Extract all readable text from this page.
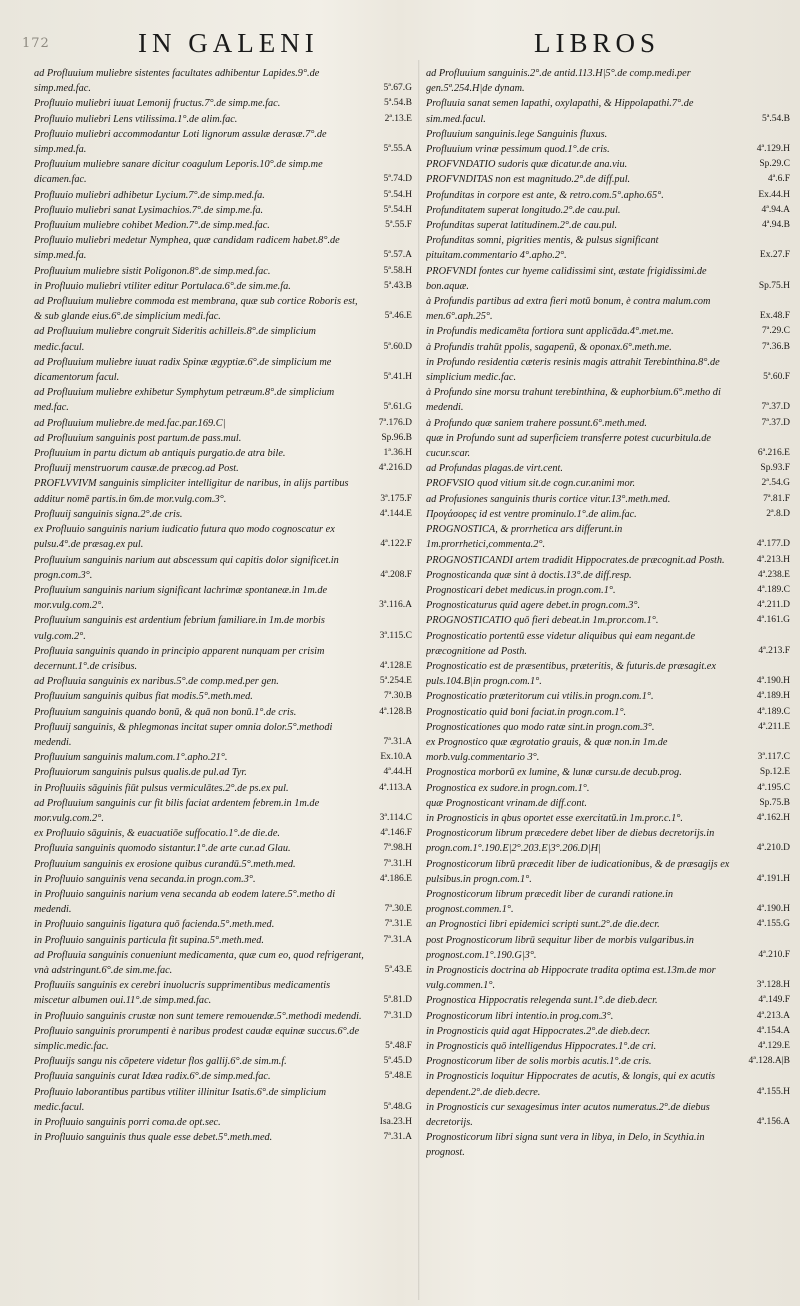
172	IN GALENI	LIBROS
ad Profluuium muliebre sistentes facultates adhibentur Lapides.9°.de simp.med.fac.	5ª.67.G
Profluuio muliebri iuuat Lemonij fructus.7°.de simp.me.fac.	5ª.54.B
Profluuio muliebri Lens vtilissima.1°.de alim.fac.	2ª.13.E
Profluuio muliebri accommodantur Loti lignorum assulæ derasæ.7°.de simp.med.fa.	5ª.55.A
Profluuium muliebre sanare dicitur coagulum Leporis.10°.de simp.me dicamen.fac.	5ª.74.D
Profluuio muliebri adhibetur Lycium.7°.de simp.med.fa.	5ª.54.H
Profluuio muliebri sanat Lysimachios.7°.de simp.me.fa.	5ª.54.H
Profluuium muliebre cohibet Medion.7°.de simp.med.fac.	5ª.55.F
Profluuio muliebri medetur Nymphea, quæ candidam radicem habet.8°.de simp.med.fa.	5ª.57.A
Profluuium muliebre sistit Poligonon.8°.de simp.med.fac.	5ª.58.H
in Profluuio muliebri vtiliter editur Portulaca.6°.de sim.me.fa.	5ª.43.B
ad Profluuium muliebre commoda est membrana, quæ sub cortice Roboris est, & sub glande eius.6°.de simplicium medi.fac.	5ª.46.E
ad Profluuium muliebre congruit Sideritis achilleis.8°.de simplicium medic.facul.	5ª.60.D
ad Profluuium muliebre iuuat radix Spinæ ægyptiæ.6°.de simplicium me dicamentorum facul.	5ª.41.H
ad Profluuium muliebre exhibetur Symphytum petræum.8°.de simplicium med.fac.	5ª.61.G
ad Profluuium muliebre.de med.fac.par.169.C|	7ª.176.D
ad Profluuium sanguinis post partum.de pass.mul.	Sp.96.B
Profluuium in partu dictum ab antiquis purgatio.de atra bile.	1ª.36.H
Profluuij menstruorum causæ.de præcog.ad Post.	4ª.216.D
PROFLVVIVM sanguinis simpliciter intelligitur de naribus, in alijs partibus additur nomē partis.in 6m.de mor.vulg.com.3°.	3ª.175.F
Profluuij sanguinis signa.2°.de cris.	4ª.144.E
ex Profluuio sanguinis narium iudicatio futura quo modo cognoscatur ex pulsu.4°.de præsag.ex pul.	4ª.122.F
Profluuium sanguinis narium aut abscessum qui capitis dolor significet.in progn.com.3°.	4ª.208.F
Profluuium sanguinis narium significant lachrimæ spontaneæ.in 1m.de mor.vulg.com.2°.	3ª.116.A
Profluuium sanguinis est ardentium febrium familiare.in 1m.de morbis vulg.com.2°.	3ª.115.C
Profluuia sanguinis quando in principio apparent nunquam per crisim decernunt.1°.de crisibus.	4ª.128.E
ad Profluuia sanguinis ex naribus.5°.de comp.med.per gen.	5ª.254.E
Profluuium sanguinis quibus fiat modis.5°.meth.med.	7ª.30.B
Profluuium sanguinis quando bonū, & quā non bonū.1°.de cris.	4ª.128.B
Profluuij sanguinis, & phlegmonas incitat super omnia dolor.5°.methodi medendi.	7ª.31.A
Profluuium sanguinis malum.com.1°.apho.21°.	Ex.10.A
Profluuiorum sanguinis pulsus qualis.de pul.ad Tyr.	4ª.44.H
in Profluuiis sāguinis fiūt pulsus vermiculātes.2°.de ps.ex pul.	4ª.113.A
ad Profluuium sanguinis cur fit bilis faciat ardentem febrem.in 1m.de mor.vulg.com.2°.	3ª.114.C
ex Profluuio sāguinis, & euacuatiōe suffocatio.1°.de die.de.	4ª.146.F
Profluuia sanguinis quomodo sistantur.1°.de arte cur.ad Glau.	7ª.98.H
Profluuium sanguinis ex erosione quibus curandū.5°.meth.med.	7ª.31.H
in Profluuio sanguinis vena secanda.in progn.com.3°.	4ª.186.E
in Profluuio sanguinis narium vena secanda ab eodem latere.5°.metho di medendi.	7ª.30.E
in Profluuio sanguinis ligatura quō facienda.5°.meth.med.	7ª.31.E
in Profluuio sanguinis particula fit supina.5°.meth.med.	7ª.31.A
ad Profluuia sanguinis conueniunt medicamenta, quæ cum eo, quod refrigerant, vnà adstringunt.6°.de sim.me.fac.	5ª.43.E
Profluuiis sanguinis ex cerebri inuolucris supprimentibus medicamentis miscetur albumen oui.11°.de simp.med.fac.	5ª.81.D
in Profluuio sanguinis crustæ non sunt temere remouendæ.5°.methodi medendi.	7ª.31.D
Profluuio sanguinis prorumpenti è naribus prodest caudæ equinæ succus.6°.de simplic.medic.fac.	5ª.48.F
Profluuijs sangu nis cōpetere videtur flos gallij.6°.de sim.m.f.	5ª.45.D
Profluuia sanguinis curat Idæa radix.6°.de simp.med.fac.	5ª.48.E
Profluuio laborantibus partibus vtiliter illinitur Isatis.6°.de simplicium medic.facul.	5ª.48.G
in Profluuio sanguinis porri coma.de opt.sec.	Isa.23.H
in Profluuio sanguinis thus quale esse debet.5°.meth.med.	7ª.31.A
ad Profluuium sanguinis.2°.de antid.113.H|5°.de comp.medi.per gen.5ª.254.H|de dynam.
Profluuia sanat semen lapathi, oxylapathi, & Hippolapathi.7°.de sim.med.facul.	5ª.54.B
Profluuium sanguinis.lege Sanguinis fluxus.
Profluuium vrinæ pessimum quod.1°.de cris.	4ª.129.H
PROFVNDATIO sudoris quæ dicatur.de ana.viu.	Sp.29.C
PROFVNDITAS non est magnitudo.2°.de diff.pul.	4ª.6.F
Profunditas in corpore est ante, & retro.com.5°.apho.65°.	Ex.44.H
Profunditatem superat longitudo.2°.de cau.pul.	4ª.94.A
Profunditas superat latitudinem.2°.de cau.pul.	4ª.94.B
Profunditas somni, pigrities mentis, & pulsus significant pituitam.commentario 4°.apho.2°.	Ex.27.F
PROFVNDI fontes cur hyeme calidissimi sint, æstate frigidissimi.de bon.aquæ.	Sp.75.H
à Profundis partibus ad extra fieri motū bonum, è contra malum.com men.6°.aph.25°.	Ex.48.F
in Profundis medicamēta fortiora sunt applicāda.4°.met.me.	7ª.29.C
à Profundis trahūt ppolis, sagapenū, & oponax.6°.meth.me.	7ª.36.B
in Profundo residentia cæteris resinis magis attrahit Terebinthina.8°.de simplicium medic.fac.	5ª.60.F
à Profundo sine morsu trahunt terebinthina, & euphorbium.6°.metho di medendi.	7ª.37.D
à Profundo quæ saniem trahere possunt.6°.meth.med.	7ª.37.D
quæ in Profundo sunt ad superficiem transferre potest cucurbitula.de cucur.scar.	6ª.216.E
ad Profundas plagas.de virt.cent.	Sp.93.F
PROFVSIO quod vitium sit.de cogn.cur.animi mor.	2ª.54.G
ad Profusiones sanguinis thuris cortice vitur.13°.meth.med.	7ª.81.F
Προγάσορες id est ventre prominulo.1°.de alim.fac.	2ª.8.D
PROGNOSTICA, & prorrhetica ars differunt.in 1m.prorrhetici,commenta.2°.	4ª.177.D
PROGNOSTICANDI artem tradidit Hippocrates.de præcognit.ad Posth.	4ª.213.H
Prognosticanda quæ sint à doctis.13°.de diff.resp.	4ª.238.E
Prognosticari debet medicus.in progn.com.1°.	4ª.189.C
Prognosticaturus quid agere debet.in progn.com.3°.	4ª.211.D
PROGNOSTICATIO quō fieri debeat.in 1m.pror.com.1°.	4ª.161.G
Prognosticatio portentū esse videtur aliquibus qui eam negant.de præcognitione ad Posth.	4ª.213.F
Prognosticatio est de præsentibus, præteritis, & futuris.de præsagit.ex puls.104.B|in progn.com.1°.	4ª.190.H
Prognosticatio præteritorum cui vtilis.in progn.com.1°.	4ª.189.H
Prognosticatio quid boni faciat.in progn.com.1°.	4ª.189.C
Prognosticationes quo modo ratæ sint.in progn.com.3°.	4ª.211.E
ex Prognostico quæ ægrotatio grauis, & quæ non.in 1m.de morb.vulg.commentario 3°.	3ª.117.C
Prognostica morborū ex lumine, & lunæ cursu.de decub.prog.	Sp.12.E
Prognostica ex sudore.in progn.com.1°.	4ª.195.C
quæ Prognosticant vrinam.de diff.cont.	Sp.75.B
in Prognosticis in qbus oportet esse exercitatū.in 1m.pror.c.1°.	4ª.162.H
Prognosticorum librum præcedere debet liber de diebus decretorijs.in progn.com.1°.190.E|2°.203.E|3°.206.D|H|	4ª.210.D
Prognosticorum librū præcedit liber de iudicationibus, & de præsagijs ex pulsibus.in progn.com.1°.	4ª.191.H
Prognosticorum librum præcedit liber de curandi ratione.in prognost.commen.1°.	4ª.190.H
an Prognostici libri epidemici scripti sunt.2°.de die.decr.	4ª.155.G
post Prognosticorum librū sequitur liber de morbis vulgaribus.in prognost.com.1°.190.G|3°.	4ª.210.F
in Prognosticis doctrina ab Hippocrate tradita optima est.13m.de mor vulg.commen.1°.	3ª.128.H
Prognostica Hippocratis relegenda sunt.1°.de dieb.decr.	4ª.149.F
Prognosticorum libri intentio.in prog.com.3°.	4ª.213.A
in Prognosticis quid agat Hippocrates.2°.de dieb.decr.	4ª.154.A
in Prognosticis quō intelligendus Hippocrates.1°.de cri.	4ª.129.E
Prognosticorum liber de solis morbis acutis.1°.de cris.	4ª.128.A|B
in Prognosticis loquitur Hippocrates de acutis, & longis, qui ex acutis dependent.2°.de dieb.decre.	4ª.155.H
in Prognosticis cur sexagesimus inter acutos numeratus.2°.de diebus decretorijs.	4ª.156.A
Prognosticorum libri signa sunt vera in libya, in Delo, in Scythia.in prognost.
